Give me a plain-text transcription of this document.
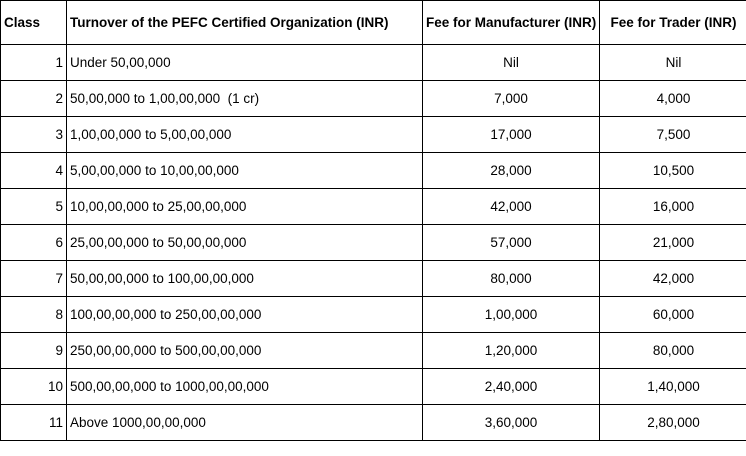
Class	Turnover of the PEFC Certified Organization (INR)	Fee for Manufacturer (INR)	Fee for Trader (INR)
1	Under 50,00,000	Nil	Nil
2	50,00,000 to 1,00,00,000  (1 cr)	7,000	4,000
3	1,00,00,000 to 5,00,00,000	17,000	7,500
4	5,00,00,000 to 10,00,00,000	28,000	10,500
5	10,00,00,000 to 25,00,00,000	42,000	16,000
6	25,00,00,000 to 50,00,00,000	57,000	21,000
7	50,00,00,000 to 100,00,00,000	80,000	42,000
8	100,00,00,000 to 250,00,00,000	1,00,000	60,000
9	250,00,00,000 to 500,00,00,000	1,20,000	80,000
10	500,00,00,000 to 1000,00,00,000	2,40,000	1,40,000
11	Above 1000,00,00,000	3,60,000	2,80,000
